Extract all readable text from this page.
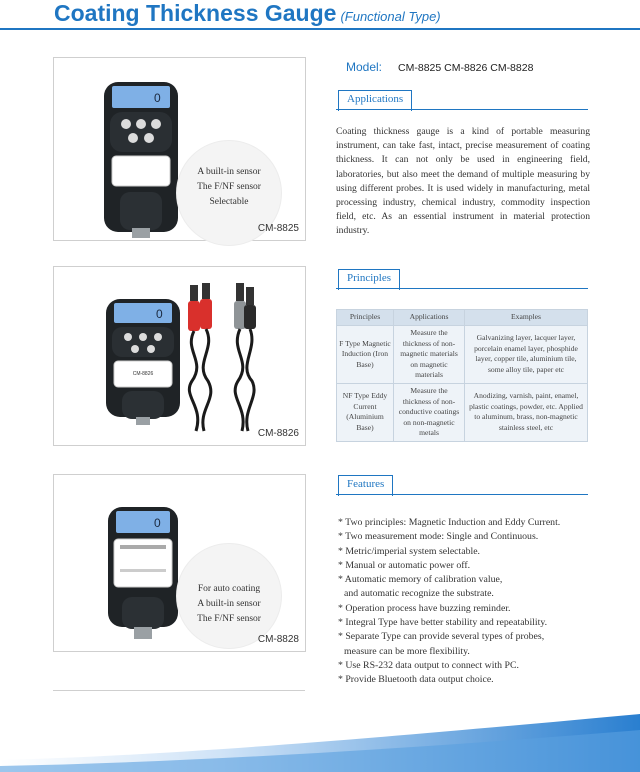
Coating Thickness Gauge (Functional Type)
0
A built-in sensor
The F/NF sensor
Selectable
CM-8825
0
CM-8826
CM-8826
0
For auto coating
A built-in sensor
The F/NF sensor
CM-8828
Model: CM-8825 CM-8826 CM-8828
Applications
Coating thickness gauge is a kind of portable measuring instrument, can take fast, intact, precise measurement of coating thickness. It can not only be used in engineering field, laboratories, but also meet the demand of multiple measuring by using different probes. It is used widely in manufacturing, metal processing industry, chemical industry, commodity inspection field, etc. As an essential instrument in material protection industry.
Principles
Principles	Applications	Examples
F Type Magnetic Induction (Iron Base)	Measure the thickness of non-magnetic materials on magnetic materials	Galvanizing layer, lacquer layer, porcelain enamel layer, phosphide layer, copper tile, aluminium tile, some alloy tile, paper etc
NF Type Eddy Current (Aluminium Base)	Measure the thickness of non-conductive coatings on non-magnetic metals	Anodizing, varnish, paint, enamel, plastic coatings, powder, etc. Applied to aluminum, brass, non-magnetic stainless steel, etc
Features
* Two principles: Magnetic Induction and Eddy Current.
* Two measurement mode: Single and Continuous.
* Metric/imperial system selectable.
* Manual or automatic power off.
* Automatic memory of calibration value,
and automatic recognize the substrate.
* Operation process have buzzing reminder.
* Integral Type have better stability and repeatability.
* Separate Type can provide several types of probes,
measure can be more flexibility.
* Use RS-232 data output to connect with PC.
* Provide Bluetooth data output choice.
